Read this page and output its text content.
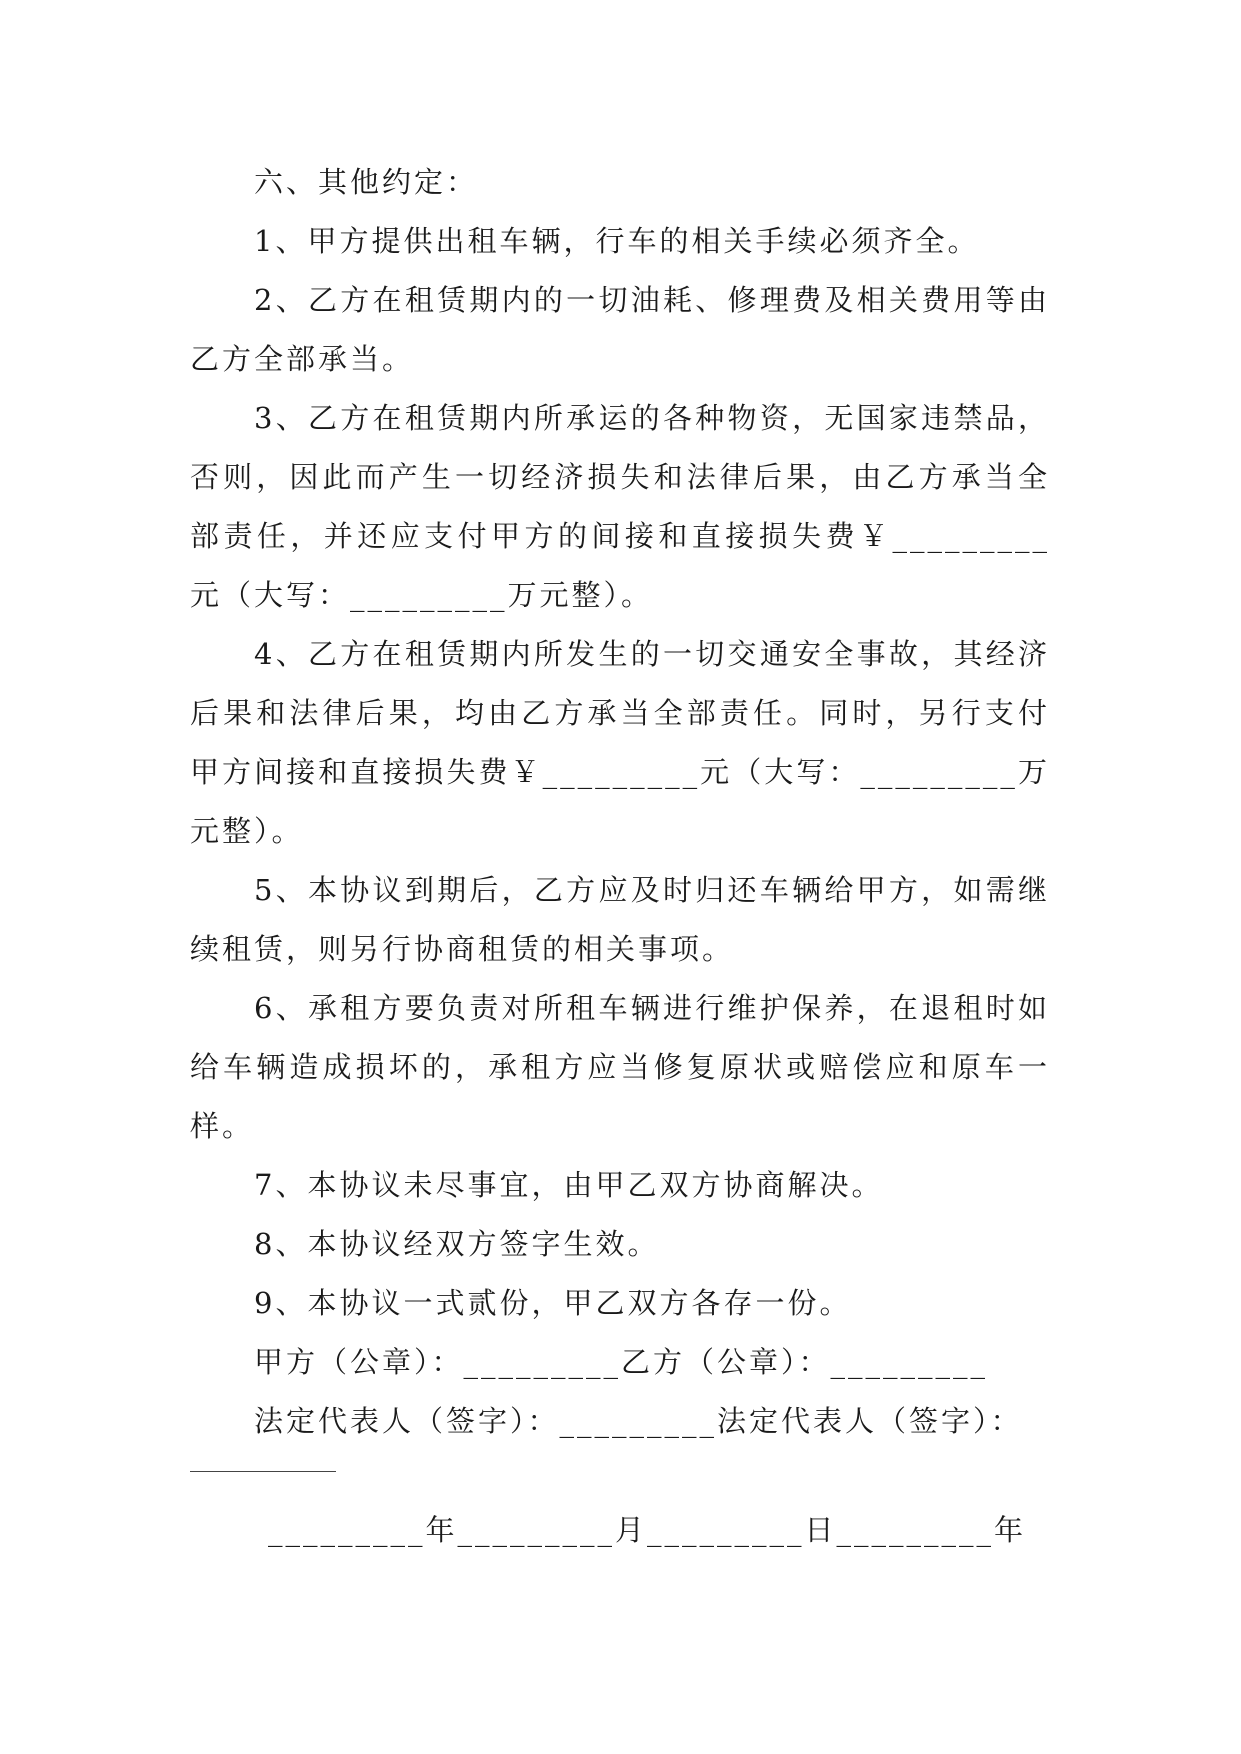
六、其他约定：

1、甲方提供出租车辆，行车的相关手续必须齐全。

2、乙方在租赁期内的一切油耗、修理费及相关费用等由乙方全部承当。

3、乙方在租赁期内所承运的各种物资，无国家违禁品，否则，因此而产生一切经济损失和法律后果，由乙方承当全部责任，并还应支付甲方的间接和直接损失费￥_________元（大写：_________万元整）。

4、乙方在租赁期内所发生的一切交通安全事故，其经济后果和法律后果，均由乙方承当全部责任。同时，另行支付甲方间接和直接损失费￥_________元（大写：_________万元整）。

5、本协议到期后，乙方应及时归还车辆给甲方，如需继续租赁，则另行协商租赁的相关事项。

6、承租方要负责对所租车辆进行维护保养，在退租时如给车辆造成损坏的，承租方应当修复原状或赔偿应和原车一样。

7、本协议未尽事宜，由甲乙双方协商解决。

8、本协议经双方签字生效。

9、本协议一式贰份，甲乙双方各存一份。

甲方（公章）：_________乙方（公章）：_________

法定代表人（签字）：_________法定代表人（签字）：

_________年_________月_________日_________年
